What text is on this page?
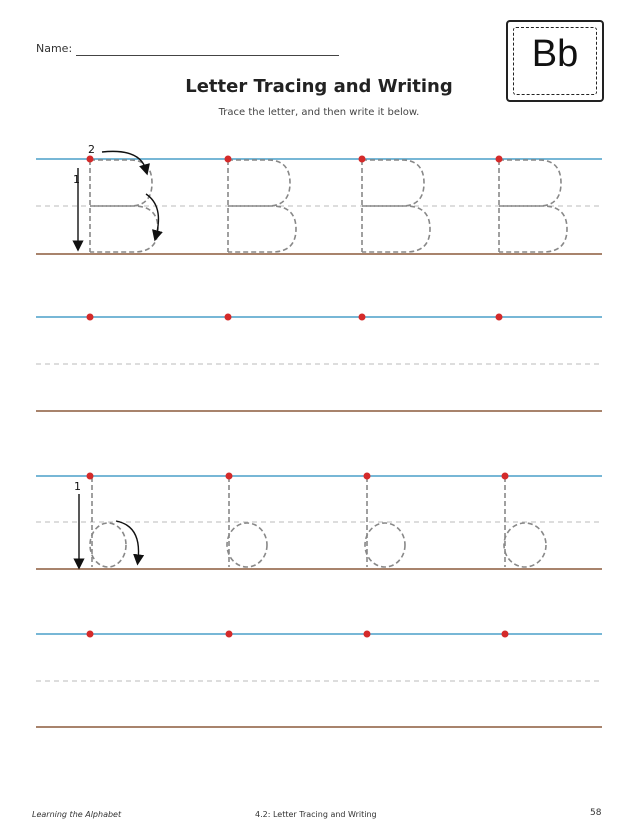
Name:
Letter Tracing and Writing
Trace the letter, and then write it below.
Bb
1
2
1
Learning the Alphabet	4.2: Letter Tracing and Writing	58
